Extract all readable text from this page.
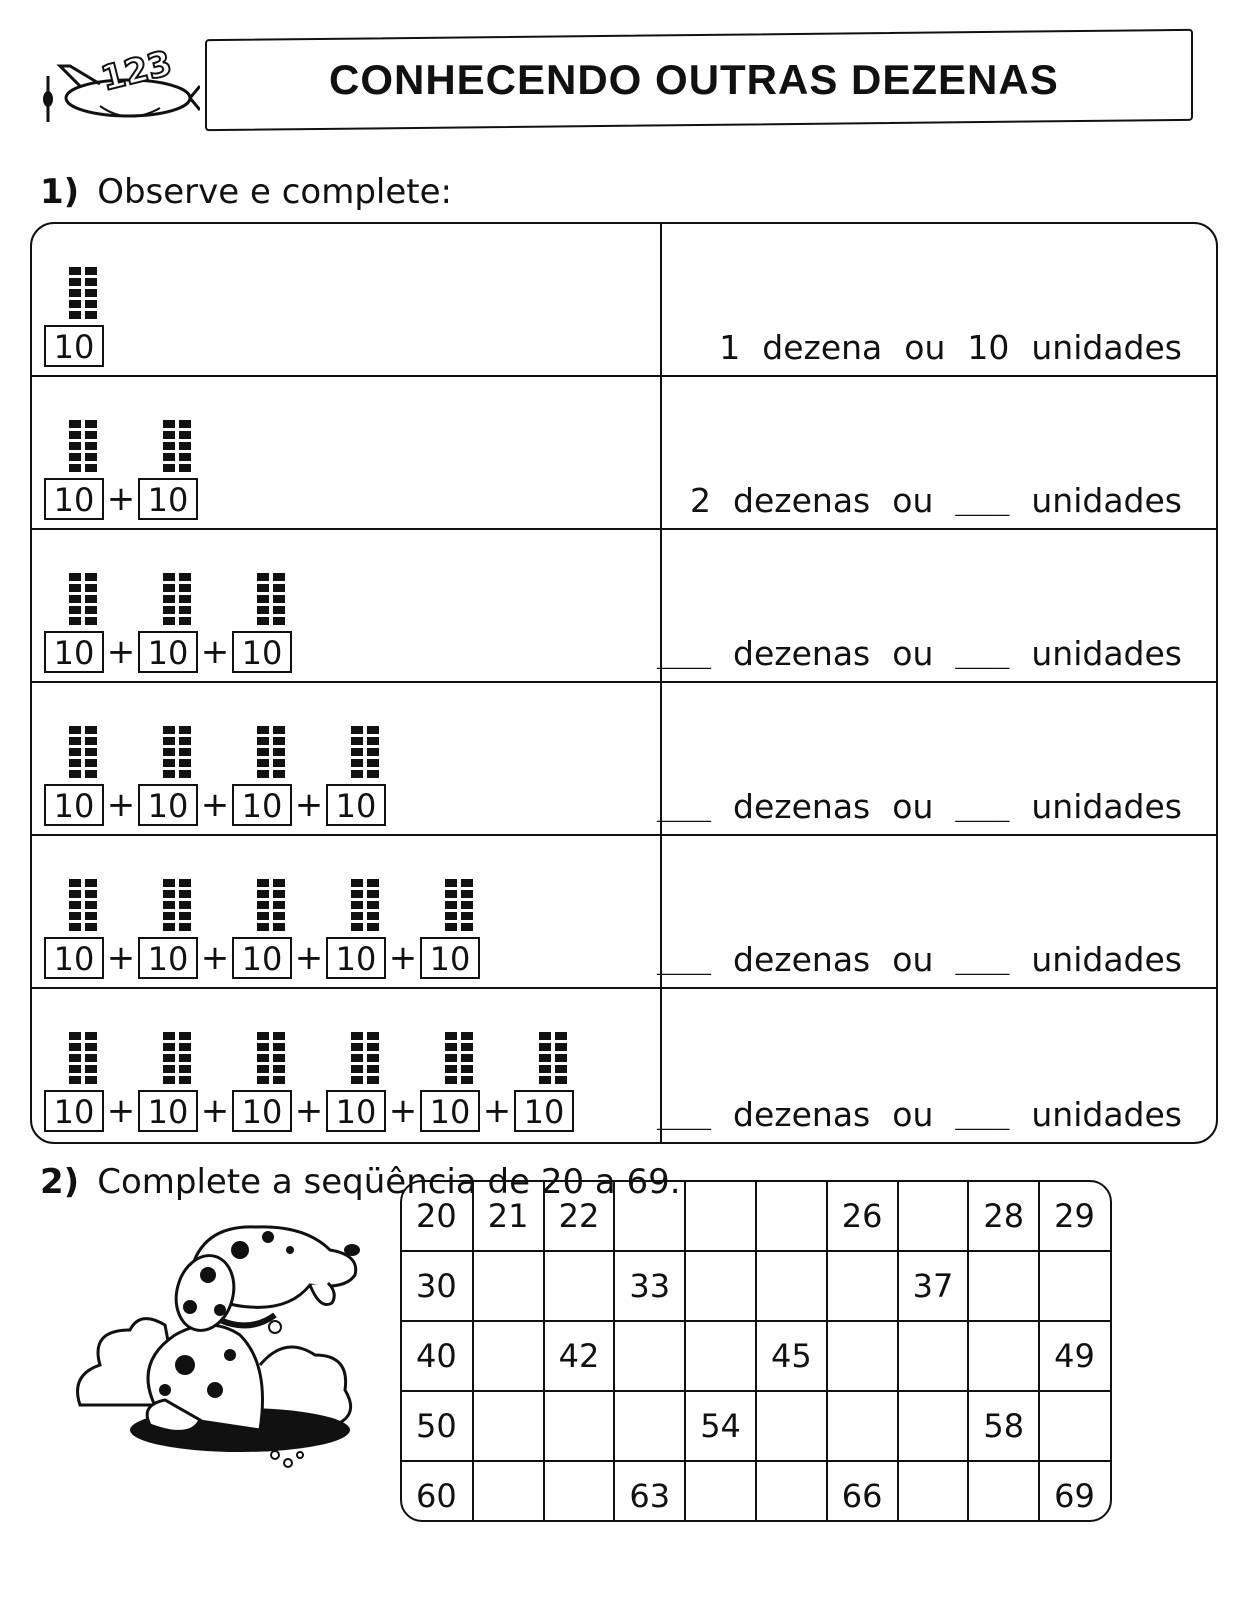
123	CONHECENDO OUTRAS DEZENAS
1) Observe e complete:
10	1 dezena ou 10 unidades
10 + 10	2 dezenas ou ______ unidades
10 + 10 + 10	______ dezenas ou ______ unidades
10 + 10 + 10 + 10	______ dezenas ou ______ unidades
10 + 10 + 10 + 10 + 10	______ dezenas ou ______ unidades
10 + 10 + 10 + 10 + 10 + 10	______ dezenas ou ______ unidades
2) Complete a seqüência de 20 a 69.
20	21	22				26		28	29
30			33				37		
40		42			45				49
50				54				58	
60			63			66			69
